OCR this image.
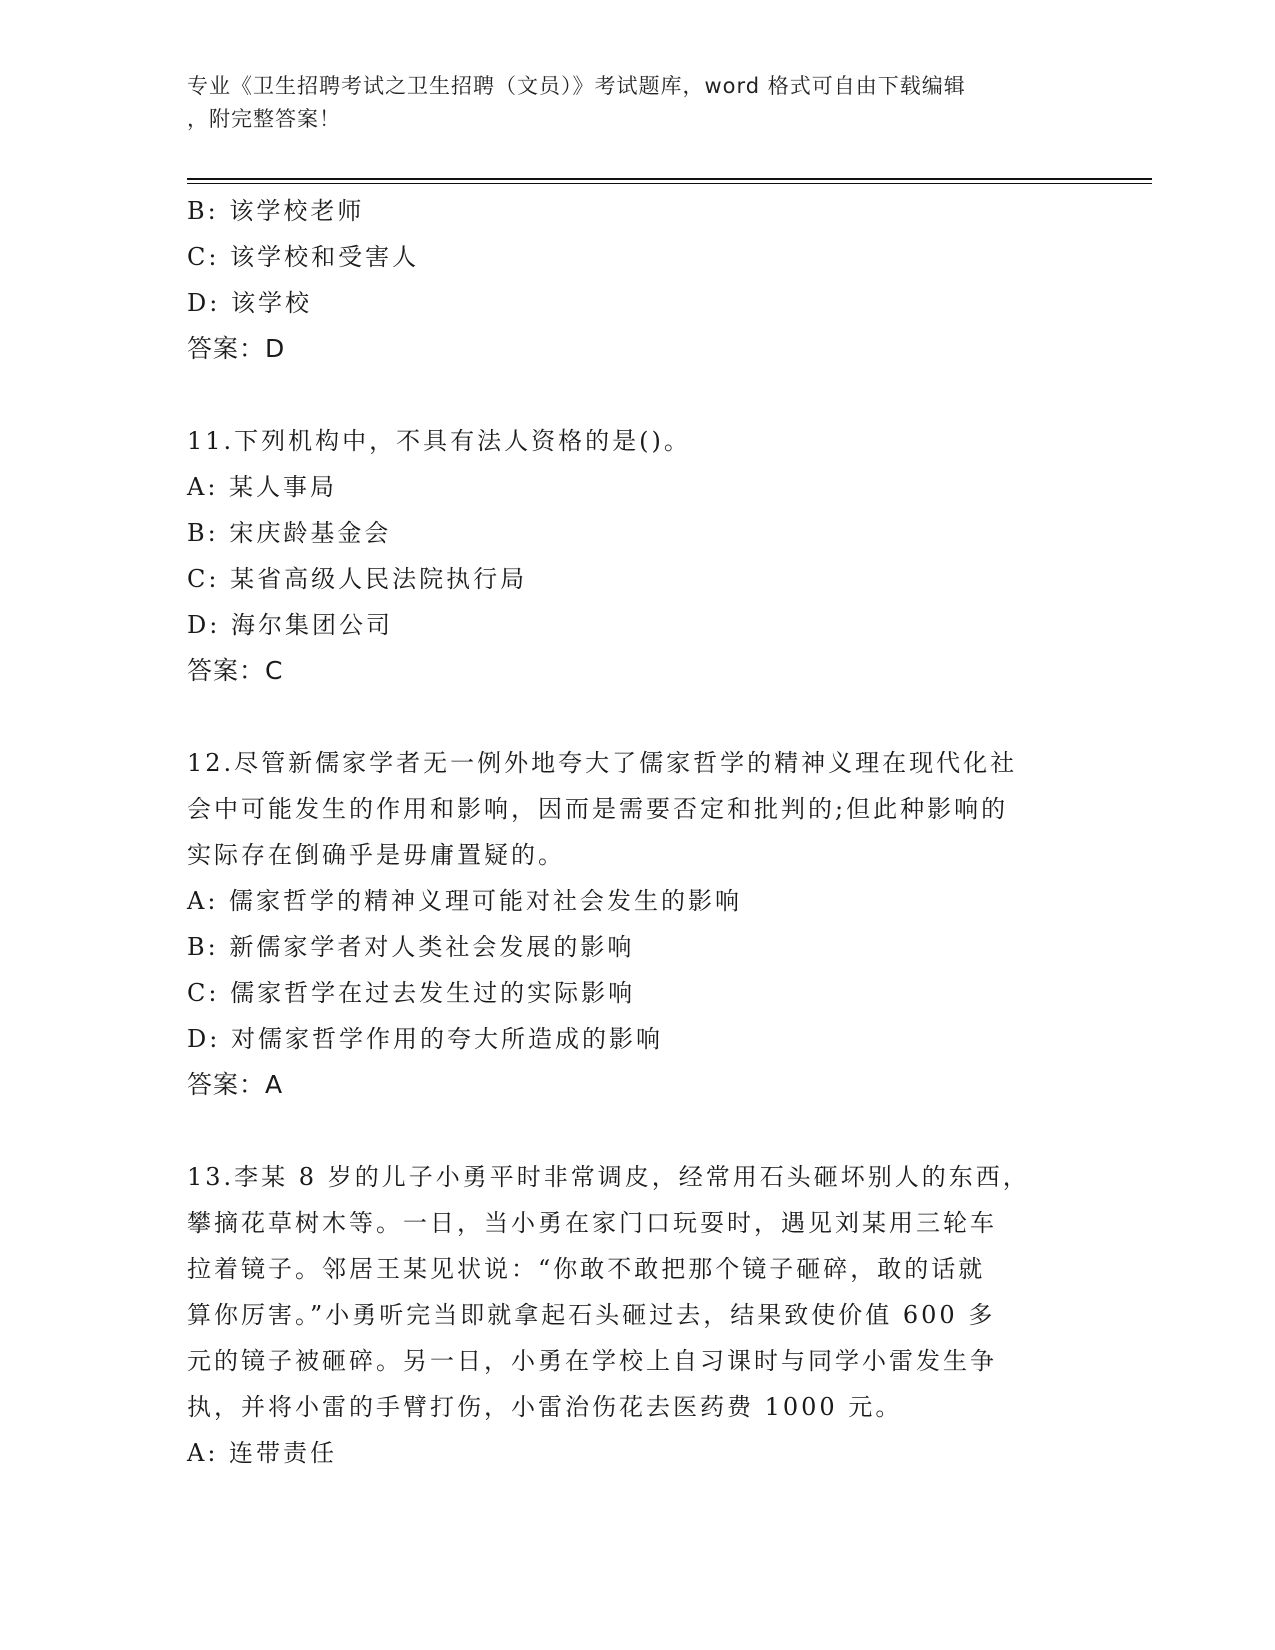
专业《卫生招聘考试之卫生招聘（文员）》考试题库，word 格式可自由下载编辑
，附完整答案！
B: 该学校老师
C: 该学校和受害人
D: 该学校
答案：D
11.下列机构中，不具有法人资格的是()。
A: 某人事局
B: 宋庆龄基金会
C: 某省高级人民法院执行局
D: 海尔集团公司
答案：C
12.尽管新儒家学者无一例外地夸大了儒家哲学的精神义理在现代化社
会中可能发生的作用和影响，因而是需要否定和批判的;但此种影响的
实际存在倒确乎是毋庸置疑的。
A: 儒家哲学的精神义理可能对社会发生的影响
B: 新儒家学者对人类社会发展的影响
C: 儒家哲学在过去发生过的实际影响
D: 对儒家哲学作用的夸大所造成的影响
答案：A
13.李某 8 岁的儿子小勇平时非常调皮，经常用石头砸坏别人的东西，
攀摘花草树木等。一日，当小勇在家门口玩耍时，遇见刘某用三轮车
拉着镜子。邻居王某见状说：“你敢不敢把那个镜子砸碎，敢的话就
算你厉害。”小勇听完当即就拿起石头砸过去，结果致使价值 600 多
元的镜子被砸碎。另一日，小勇在学校上自习课时与同学小雷发生争
执，并将小雷的手臂打伤，小雷治伤花去医药费 1000 元。
A: 连带责任
